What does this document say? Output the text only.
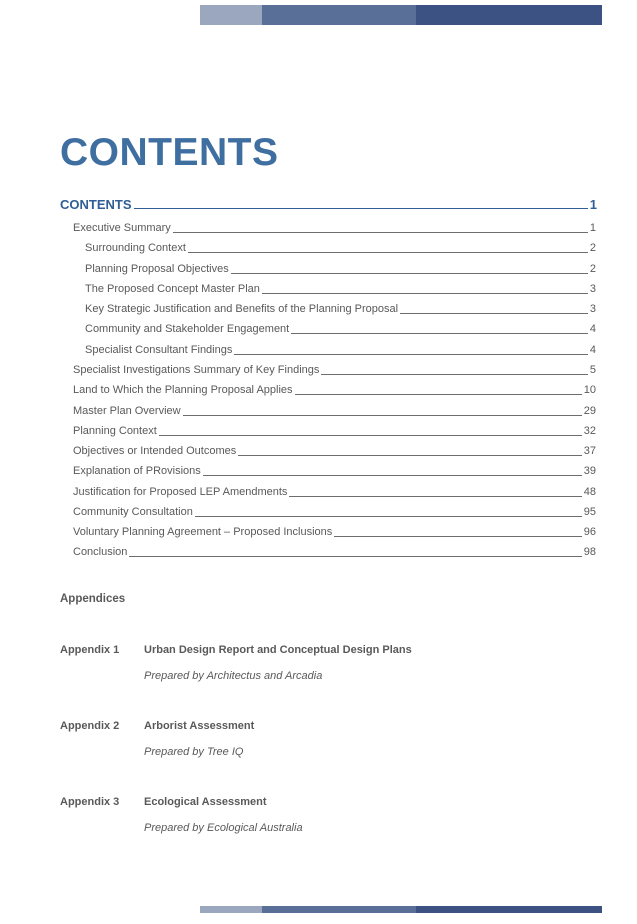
CONTENTS
CONTENTS	1
Executive Summary	1
Surrounding Context	2
Planning Proposal Objectives	2
The Proposed Concept Master Plan	3
Key Strategic Justification and Benefits of the Planning Proposal	3
Community and Stakeholder Engagement	4
Specialist Consultant Findings	4
Specialist Investigations Summary of Key Findings	5
Land to Which the Planning Proposal Applies	10
Master Plan Overview	29
Planning Context	32
Objectives or Intended Outcomes	37
Explanation of PRovisions	39
Justification for Proposed LEP Amendments	48
Community Consultation	95
Voluntary Planning Agreement – Proposed Inclusions	96
Conclusion	98
Appendices
Appendix 1 Urban Design Report and Conceptual Design Plans
Prepared by Architectus and Arcadia
Appendix 2 Arborist Assessment
Prepared by Tree IQ
Appendix 3 Ecological Assessment
Prepared by Ecological Australia
